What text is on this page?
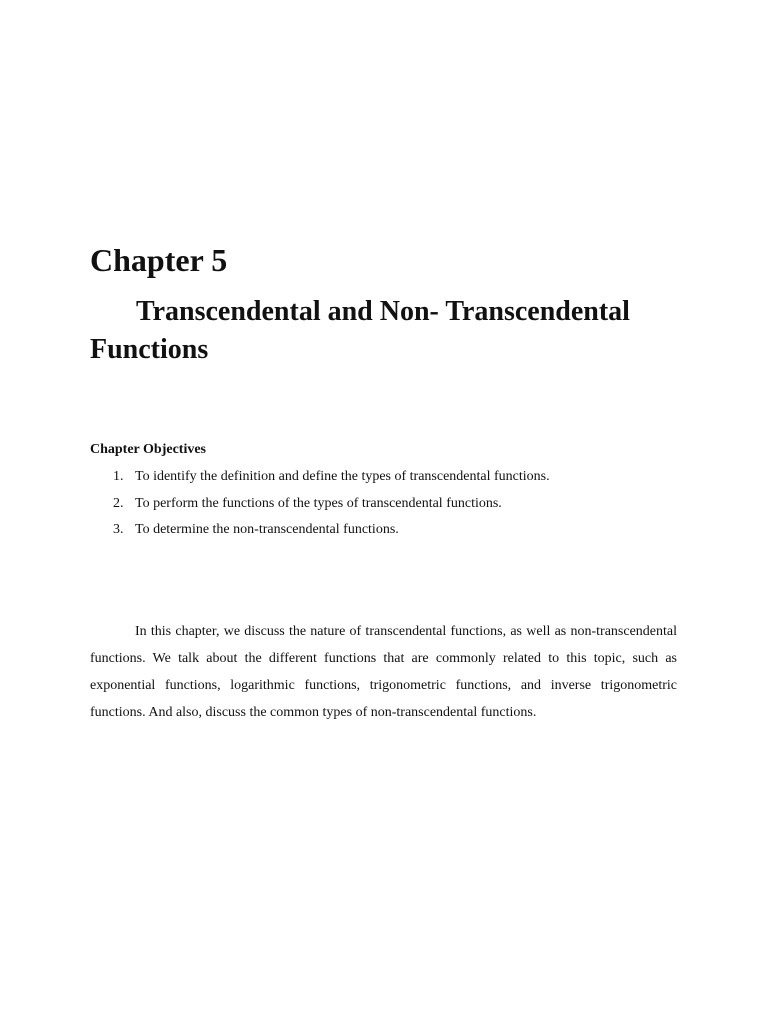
Chapter 5
Transcendental and Non- Transcendental Functions
Chapter Objectives
1. To identify the definition and define the types of transcendental functions.
2. To perform the functions of the types of transcendental functions.
3. To determine the non-transcendental functions.

In this chapter, we discuss the nature of transcendental functions, as well as non-transcendental functions. We talk about the different functions that are commonly related to this topic, such as exponential functions, logarithmic functions, trigonometric functions, and inverse trigonometric functions. And also, discuss the common types of non-transcendental functions.
